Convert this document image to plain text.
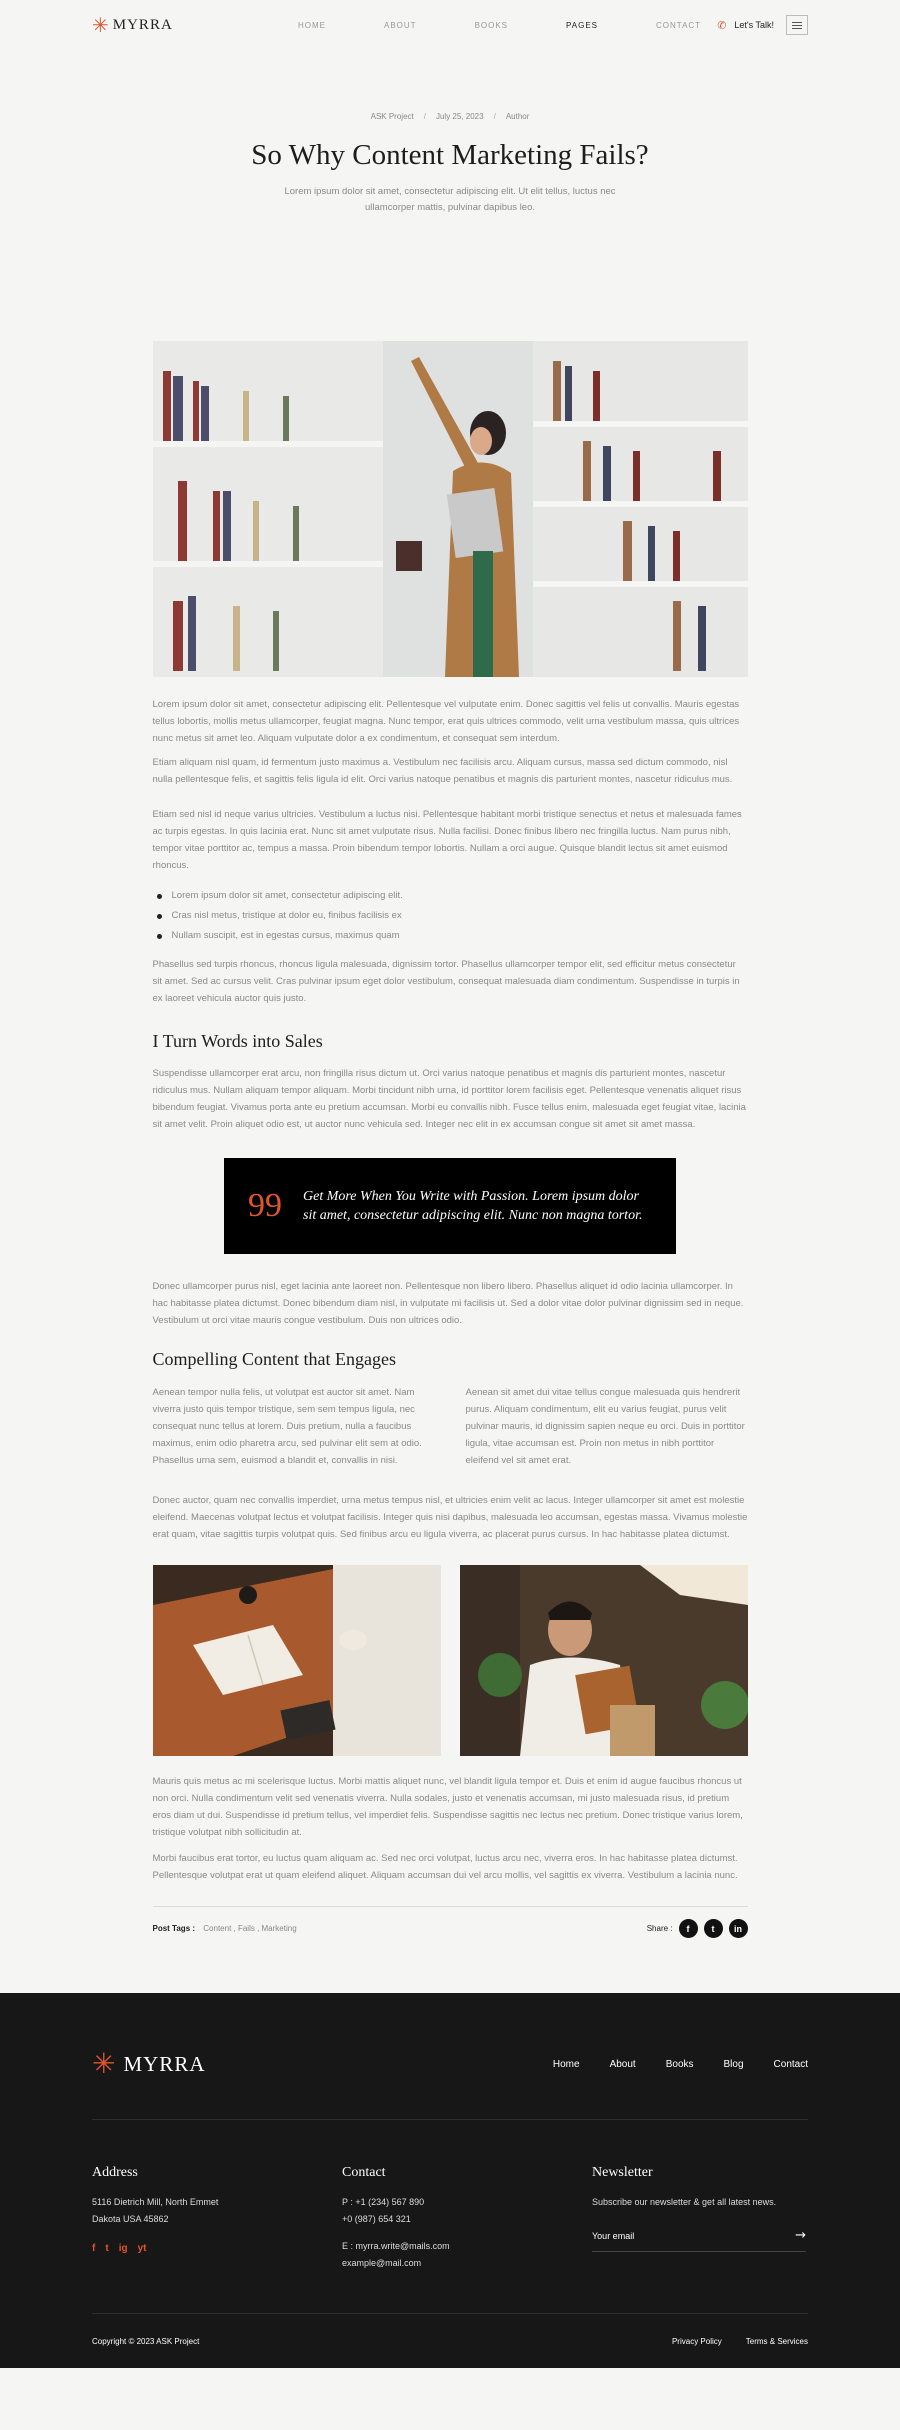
✳ MYRRA	HOME	ABOUT	BOOKS	PAGES	CONTACT ✆ Let's Talk!
ASK Project / July 25, 2023 / Author
So Why Content Marketing Fails?

Lorem ipsum dolor sit amet, consectetur adipiscing elit. Ut elit tellus, luctus nec ullamcorper mattis, pulvinar dapibus leo.

Lorem ipsum dolor sit amet, consectetur adipiscing elit. Pellentesque vel vulputate enim. Donec sagittis vel felis ut convallis. Mauris egestas tellus lobortis, mollis metus ullamcorper, feugiat magna. Nunc tempor, erat quis ultrices commodo, velit urna vestibulum massa, quis ultrices nunc metus sit amet leo. Aliquam vulputate dolor a ex condimentum, et consequat sem interdum.

Etiam aliquam nisl quam, id fermentum justo maximus a. Vestibulum nec facilisis arcu. Aliquam cursus, massa sed dictum commodo, nisl nulla pellentesque felis, et sagittis felis ligula id elit. Orci varius natoque penatibus et magnis dis parturient montes, nascetur ridiculus mus.

Etiam sed nisl id neque varius ultricies. Vestibulum a luctus nisi. Pellentesque habitant morbi tristique senectus et netus et malesuada fames ac turpis egestas. In quis lacinia erat. Nunc sit amet vulputate risus. Nulla facilisi. Donec finibus libero nec fringilla luctus. Nam purus nibh, tempor vitae porttitor ac, tempus a massa. Proin bibendum tempor lobortis. Nullam a orci augue. Quisque blandit lectus sit amet euismod rhoncus.

Lorem ipsum dolor sit amet, consectetur adipiscing elit.
Cras nisl metus, tristique at dolor eu, finibus facilisis ex
Nullam suscipit, est in egestas cursus, maximus quam

Phasellus sed turpis rhoncus, rhoncus ligula malesuada, dignissim tortor. Phasellus ullamcorper tempor elit, sed efficitur metus consectetur sit amet. Sed ac cursus velit. Cras pulvinar ipsum eget dolor vestibulum, consequat malesuada diam condimentum. Suspendisse in turpis in ex laoreet vehicula auctor quis justo.

I Turn Words into Sales

Suspendisse ullamcorper erat arcu, non fringilla risus dictum ut. Orci varius natoque penatibus et magnis dis parturient montes, nascetur ridiculus mus. Nullam aliquam tempor aliquam. Morbi tincidunt nibh urna, id porttitor lorem facilisis eget. Pellentesque venenatis aliquet risus bibendum feugiat. Vivamus porta ante eu pretium accumsan. Morbi eu convallis nibh. Fusce tellus enim, malesuada eget feugiat vitae, lacinia sit amet velit. Proin aliquet odio est, ut auctor nunc vehicula sed. Integer nec elit in ex accumsan congue sit amet sit amet massa.

99	Get More When You Write with Passion. Lorem ipsum dolor sit amet, consectetur adipiscing elit. Nunc non magna tortor.

Donec ullamcorper purus nisl, eget lacinia ante laoreet non. Pellentesque non libero libero. Phasellus aliquet id odio lacinia ullamcorper. In hac habitasse platea dictumst. Donec bibendum diam nisl, in vulputate mi facilisis ut. Sed a dolor vitae dolor pulvinar dignissim sed in neque. Vestibulum ut orci vitae mauris congue vestibulum. Duis non ultrices odio.

Compelling Content that Engages

Aenean tempor nulla felis, ut volutpat est auctor sit amet. Nam viverra justo quis tempor tristique, sem sem tempus ligula, nec consequat nunc tellus at lorem. Duis pretium, nulla a faucibus maximus, enim odio pharetra arcu, sed pulvinar elit sem at odio. Phasellus urna sem, euismod a blandit et, convallis in nisi.

Aenean sit amet dui vitae tellus congue malesuada quis hendrerit purus. Aliquam condimentum, elit eu varius feugiat, purus velit pulvinar mauris, id dignissim sapien neque eu orci. Duis in porttitor ligula, vitae accumsan est. Proin non metus in nibh porttitor eleifend vel sit amet erat.

Donec auctor, quam nec convallis imperdiet, urna metus tempus nisl, et ultricies enim velit ac lacus. Integer ullamcorper sit amet est molestie eleifend. Maecenas volutpat lectus et volutpat facilisis. Integer quis nisi dapibus, malesuada leo accumsan, egestas massa. Vivamus molestie erat quam, vitae sagittis turpis volutpat quis. Sed finibus arcu eu ligula viverra, ac placerat purus cursus. In hac habitasse platea dictumst.

Mauris quis metus ac mi scelerisque luctus. Morbi mattis aliquet nunc, vel blandit ligula tempor et. Duis et enim id augue faucibus rhoncus ut non orci. Nulla condimentum velit sed venenatis viverra. Nulla sodales, justo et venenatis accumsan, mi justo malesuada risus, id pretium eros diam ut dui. Suspendisse id pretium tellus, vel imperdiet felis. Suspendisse sagittis nec lectus nec pretium. Donec tristique varius lorem, tristique volutpat nibh sollicitudin at.

Morbi faucibus erat tortor, eu luctus quam aliquam ac. Sed nec orci volutpat, luctus arcu nec, viverra eros. In hac habitasse platea dictumst. Pellentesque volutpat erat ut quam eleifend aliquet. Aliquam accumsan dui vel arcu mollis, vel sagittis ex viverra. Vestibulum a lacinia nunc.

Post Tags : Content , Fails , Marketing	Share :	f	t	in
✳ MYRRA	Home	About	Books	Blog	Contact
Address

5116 Dietrich Mill, North Emmet

Dakota USA 45862

f t ig yt
Contact

P : +1 (234) 567 890

+0 (987) 654 321

E : myrra.write@mails.com

example@mail.com

Newsletter

Subscribe our newsletter & get all latest news.

Your email
→
Copyright © 2023 ASK Project	Privacy Policy	Terms & Services
